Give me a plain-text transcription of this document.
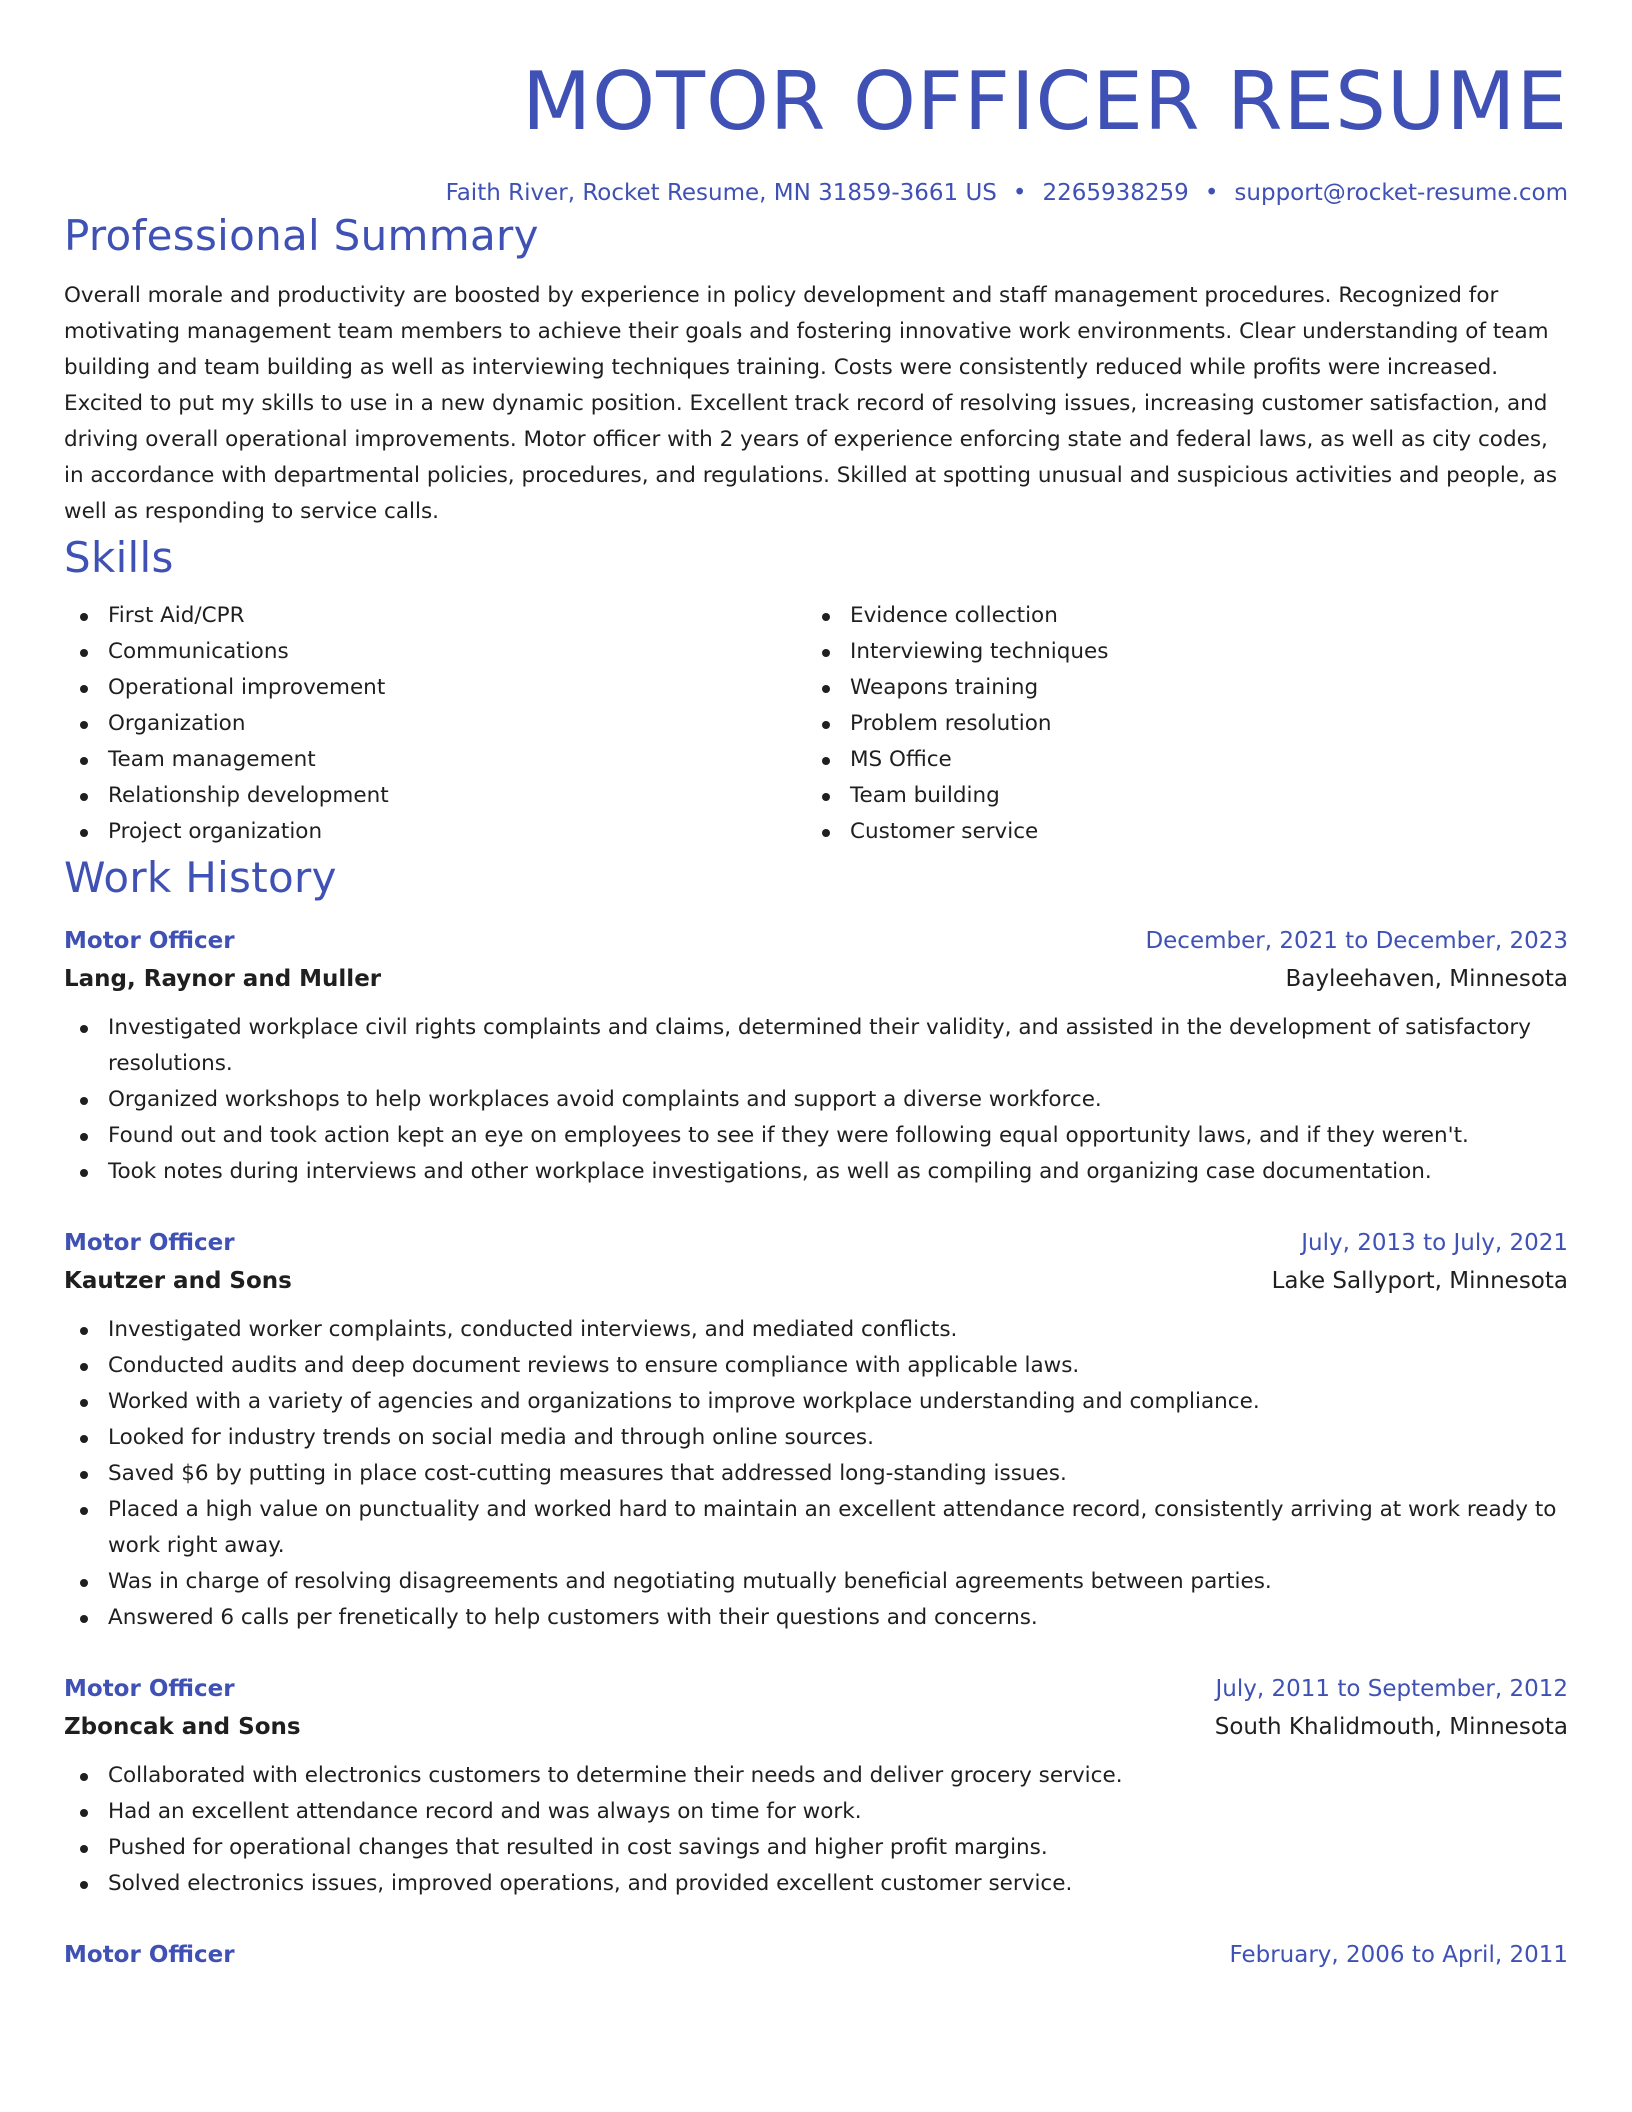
MOTOR OFFICER RESUME
Faith River, Rocket Resume, MN 31859-3661 US • 2265938259 • support@rocket-resume.com
Professional Summary

Overall morale and productivity are boosted by experience in policy development and staff management procedures. Recognized for motivating management team members to achieve their goals and fostering innovative work environments. Clear understanding of team building and team building as well as interviewing techniques training. Costs were consistently reduced while profits were increased. Excited to put my skills to use in a new dynamic position. Excellent track record of resolving issues, increasing customer satisfaction, and driving overall operational improvements. Motor officer with 2 years of experience enforcing state and federal laws, as well as city codes, in accordance with departmental policies, procedures, and regulations. Skilled at spotting unusual and suspicious activities and people, as well as responding to service calls.

Skills
First Aid/CPR
Communications
Operational improvement
Organization
Team management
Relationship development
Project organization
Evidence collection
Interviewing techniques
Weapons training
Problem resolution
MS Office
Team building
Customer service
Work History
Motor Officer	December, 2021 to December, 2023
Lang, Raynor and Muller	Bayleehaven, Minnesota
Investigated workplace civil rights complaints and claims, determined their validity, and assisted in the development of satisfactory resolutions.
Organized workshops to help workplaces avoid complaints and support a diverse workforce.
Found out and took action kept an eye on employees to see if they were following equal opportunity laws, and if they weren't.
Took notes during interviews and other workplace investigations, as well as compiling and organizing case documentation.
Motor Officer	July, 2013 to July, 2021
Kautzer and Sons	Lake Sallyport, Minnesota
Investigated worker complaints, conducted interviews, and mediated conflicts.
Conducted audits and deep document reviews to ensure compliance with applicable laws.
Worked with a variety of agencies and organizations to improve workplace understanding and compliance.
Looked for industry trends on social media and through online sources.
Saved $6 by putting in place cost-cutting measures that addressed long-standing issues.
Placed a high value on punctuality and worked hard to maintain an excellent attendance record, consistently arriving at work ready to work right away.
Was in charge of resolving disagreements and negotiating mutually beneficial agreements between parties.
Answered 6 calls per frenetically to help customers with their questions and concerns.
Motor Officer	July, 2011 to September, 2012
Zboncak and Sons	South Khalidmouth, Minnesota
Collaborated with electronics customers to determine their needs and deliver grocery service.
Had an excellent attendance record and was always on time for work.
Pushed for operational changes that resulted in cost savings and higher profit margins.
Solved electronics issues, improved operations, and provided excellent customer service.
Motor Officer	February, 2006 to April, 2011
